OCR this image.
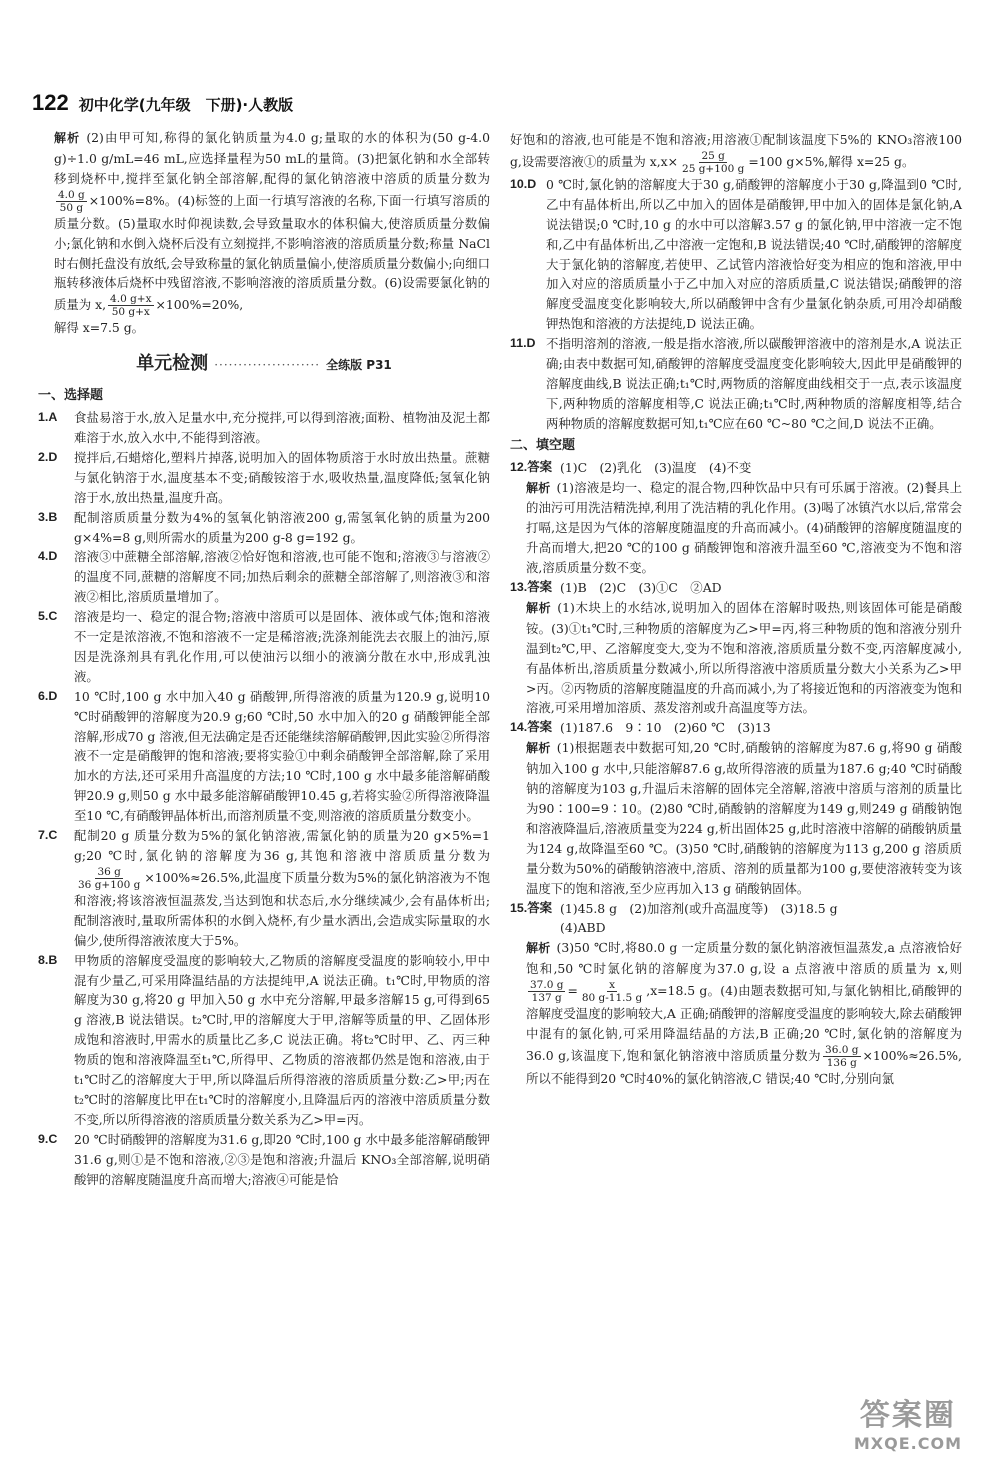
122 初中化学(九年级　下册)·人教版
解析 (2)由甲可知,称得的氯化钠质量为4.0 g;量取的水的体积为(50 g-4.0 g)÷1.0 g/mL=46 mL,应选择量程为50 mL的量筒。(3)把氯化钠和水全部转移到烧杯中,搅拌至氯化钠全部溶解,配得的氯化钠溶液中溶质的质量分数为
$\frac{4.0 g}{50 g} \times 100\%=8\%$。(4)标签的上面一行填写溶液的名称,下面一行填写溶质的质量分数。(5)量取水时仰视读数,会导致量取水的体积偏大,使溶质质量分数偏小;氯化钠和水倒入烧杯后没有立刻搅拌,不影响溶液的溶质质量分数;称量 NaCl 时右侧托盘没有放纸,会导致称量的氯化钠质量偏小,使溶质质量分数偏小;向细口瓶转移液体后烧杯中残留溶液,不影响溶液的溶质质量分数。(6)设需要氯化钠的质量为 x, $\frac{4.0 g+x}{50 g+x} \times 100\%=20\%$,
解得 x=7.5 g。
单元检测 ······················ 全练版 P31
一、选择题
1.A	食盐易溶于水,放入足量水中,充分搅拌,可以得到溶液;面粉、植物油及泥土都难溶于水,放入水中,不能得到溶液。
2.D	搅拌后,石蜡熔化,塑料片掉落,说明加入的固体物质溶于水时放出热量。蔗糖与氯化钠溶于水,温度基本不变;硝酸铵溶于水,吸收热量,温度降低;氢氧化钠溶于水,放出热量,温度升高。
3.B	配制溶质质量分数为4%的氢氧化钠溶液200 g,需氢氧化钠的质量为200 g×4%=8 g,则所需水的质量为200 g-8 g=192 g。
4.D	溶液③中蔗糖全部溶解,溶液②恰好饱和溶液,也可能不饱和;溶液③与溶液②的温度不同,蔗糖的溶解度不同;加热后剩余的蔗糖全部溶解了,则溶液③和溶液②相比,溶质质量增加了。
5.C	溶液是均一、稳定的混合物;溶液中溶质可以是固体、液体或气体;饱和溶液不一定是浓溶液,不饱和溶液不一定是稀溶液;洗涤剂能洗去衣服上的油污,原因是洗涤剂具有乳化作用,可以使油污以细小的液滴分散在水中,形成乳浊液。
6.D	10 ℃时,100 g 水中加入40 g 硝酸钾,所得溶液的质量为120.9 g,说明10 ℃时硝酸钾的溶解度为20.9 g;60 ℃时,50 水中加入的20 g 硝酸钾能全部溶解,形成70 g 溶液,但无法确定是否还能继续溶解硝酸钾,因此实验②所得溶液不一定是硝酸钾的饱和溶液;要将实验①中剩余硝酸钾全部溶解,除了采用加水的方法,还可采用升高温度的方法;10 ℃时,100 g 水中最多能溶解硝酸钾20.9 g,则50 g 水中最多能溶解硝酸钾10.45 g,若将实验②所得溶液降温至10 ℃,有硝酸钾晶体析出,而溶剂质量不变,则溶液的溶质质量分数变小。
7.C	配制20 g 质量分数为5%的氯化钠溶液,需氯化钠的质量为20 g×5%=1 g;20 ℃时,氯化钠的溶解度为36 g,其饱和溶液中溶质质量分数为
$\frac{36 g}{36 g+100 g} \times 100\%\approx 26.5\%$,此温度下质量分数为5%的氯化钠溶液为不饱和溶液;将该溶液恒温蒸发,当达到饱和状态后,水分继续减少,会有晶体析出;配制溶液时,量取所需体积的水倒入烧杯,有少量水洒出,会造成实际量取的水偏少,使所得溶液浓度大于5%。
8.B	甲物质的溶解度受温度的影响较大,乙物质的溶解度受温度的影响较小,甲中混有少量乙,可采用降温结晶的方法提纯甲,A 说法正确。t₁℃时,甲物质的溶解度为30 g,将20 g 甲加入50 g 水中充分溶解,甲最多溶解15 g,可得到65 g 溶液,B 说法错误。t₂℃时,甲的溶解度大于甲,溶解等质量的甲、乙固体形成饱和溶液时,甲需水的质量比乙多,C 说法正确。将t₂℃时甲、乙、丙三种物质的饱和溶液降温至t₁℃,所得甲、乙物质的溶液都仍然是饱和溶液,由于t₁℃时乙的溶解度大于甲,所以降温后所得溶液的溶质质量分数:乙>甲;丙在t₂℃时的溶解度比甲在t₁℃时的溶解度小,且降温后丙的溶液中溶质质量分数不变,所以所得溶液的溶质质量分数关系为乙>甲=丙。
9.C	20 ℃时硝酸钾的溶解度为31.6 g,即20 ℃时,100 g 水中最多能溶解硝酸钾31.6 g,则①是不饱和溶液,②③是饱和溶液;升温后 KNO₃全部溶解,说明硝酸钾的溶解度随温度升高而增大;溶液④可能是恰
好饱和的溶液,也可能是不饱和溶液;用溶液①配制该温度下5%的 KNO₃溶液100 g,设需要溶液①的质量为 $x,x\times \frac{25 g}{25 g+100 g} =100$ g×5%,解得 x=25 g。
10.D 0 ℃时,氯化钠的溶解度大于30 g,硝酸钾的溶解度小于30 g,降温到0 ℃时,乙中有晶体析出,所以乙中加入的固体是硝酸钾,甲中加入的固体是氯化钠,A 说法错误;0 ℃时,10 g 的水中可以溶解3.57 g 的氯化钠,甲中溶液一定不饱和,乙中有晶体析出,乙中溶液一定饱和,B 说法错误;40 ℃时,硝酸钾的溶解度大于氯化钠的溶解度,若使甲、乙试管内溶液恰好变为相应的饱和溶液,甲中加入对应的溶质质量小于乙中加入对应的溶质质量,C 说法错误;硝酸钾的溶解度受温度变化影响较大,所以硝酸钾中含有少量氯化钠杂质,可用冷却硝酸钾热饱和溶液的方法提纯,D 说法正确。
11.D 不指明溶剂的溶液,一般是指水溶液,所以碳酸钾溶液中的溶剂是水,A 说法正确;由表中数据可知,硝酸钾的溶解度受温度变化影响较大,因此甲是硝酸钾的溶解度曲线,B 说法正确;t₁℃时,两物质的溶解度曲线相交于一点,表示该温度下,两种物质的溶解度相等,C 说法正确;t₁℃时,两种物质的溶解度相等,结合两种物质的溶解度数据可知,t₁℃应在60 ℃~80 ℃之间,D 说法不正确。
二、填空题
12.答案 (1)C　(2)乳化　(3)温度　(4)不变
解析 (1)溶液是均一、稳定的混合物,四种饮品中只有可乐属于溶液。(2)餐具上的油污可用洗洁精洗掉,利用了洗洁精的乳化作用。(3)喝了冰镇汽水以后,常常会打嗝,这是因为气体的溶解度随温度的升高而减小。(4)硝酸钾的溶解度随温度的升高而增大,把20 ℃的100 g 硝酸钾饱和溶液升温至60 ℃,溶液变为不饱和溶液,溶质质量分数不变。
13.答案 (1)B　(2)C　(3)①C　②AD
解析 (1)木块上的水结冰,说明加入的固体在溶解时吸热,则该固体可能是硝酸铵。(3)①t₁℃时,三种物质的溶解度为乙>甲=丙,将三种物质的饱和溶液分别升温到t₂℃,甲、乙溶解度变大,变为不饱和溶液,溶质质量分数不变,丙溶解度减小,有晶体析出,溶质质量分数减小,所以所得溶液中溶质质量分数大小关系为乙>甲>丙。②丙物质的溶解度随温度的升高而减小,为了将接近饱和的丙溶液变为饱和溶液,可采用增加溶质、蒸发溶剂或升高温度等方法。
14.答案 (1)187.6　9∶10　(2)60 ℃　(3)13
解析 (1)根据题表中数据可知,20 ℃时,硝酸钠的溶解度为87.6 g,将90 g 硝酸钠加入100 g 水中,只能溶解87.6 g,故所得溶液的质量为187.6 g;40 ℃时硝酸钠的溶解度为103 g,升温后未溶解的固体完全溶解,溶液中溶质与溶剂的质量比为90∶100=9∶10。(2)80 ℃时,硝酸钠的溶解度为149 g,则249 g 硝酸钠饱和溶液降温后,溶液质量变为224 g,析出固体25 g,此时溶液中溶解的硝酸钠质量为124 g,故降温至60 ℃。(3)50 ℃时,硝酸钠的溶解度为113 g,200 g 溶质质量分数为50%的硝酸钠溶液中,溶质、溶剂的质量都为100 g,要使溶液转变为该温度下的饱和溶液,至少应再加入13 g 硝酸钠固体。
15.答案 (1)45.8 g　(2)加溶剂(或升高温度等)　(3)18.5 g
(4)ABD
解析 (3)50 ℃时,将80.0 g 一定质量分数的氯化钠溶液恒温蒸发,a 点溶液恰好饱和,50 ℃时氯化钠的溶解度为37.0 g,设 a 点溶液中溶质的质量为 x,则
$\frac{37.0 g}{137 g} = \frac{x}{80 g-11.5 g} ,x=18.5$ g。(4)由题表数据可知,与氯化钠相比,硝酸钾的溶解度受温度的影响较大,A 正确;硝酸钾的溶解度受温度的影响较大,除去硝酸钾中混有的氯化钠,可采用降温结晶的方法,B 正确;20 ℃时,氯化钠的溶解度为36.0 g,该温度下,饱和氯化钠溶液中溶质质量分数为 $\frac{36.0 g}{136 g} \times 100\%\approx 26.5\%$,所以不能得到20 ℃时40%的氯化钠溶液,C 错误;40 ℃时,分别向氯
答案圈
MXQE.COM
